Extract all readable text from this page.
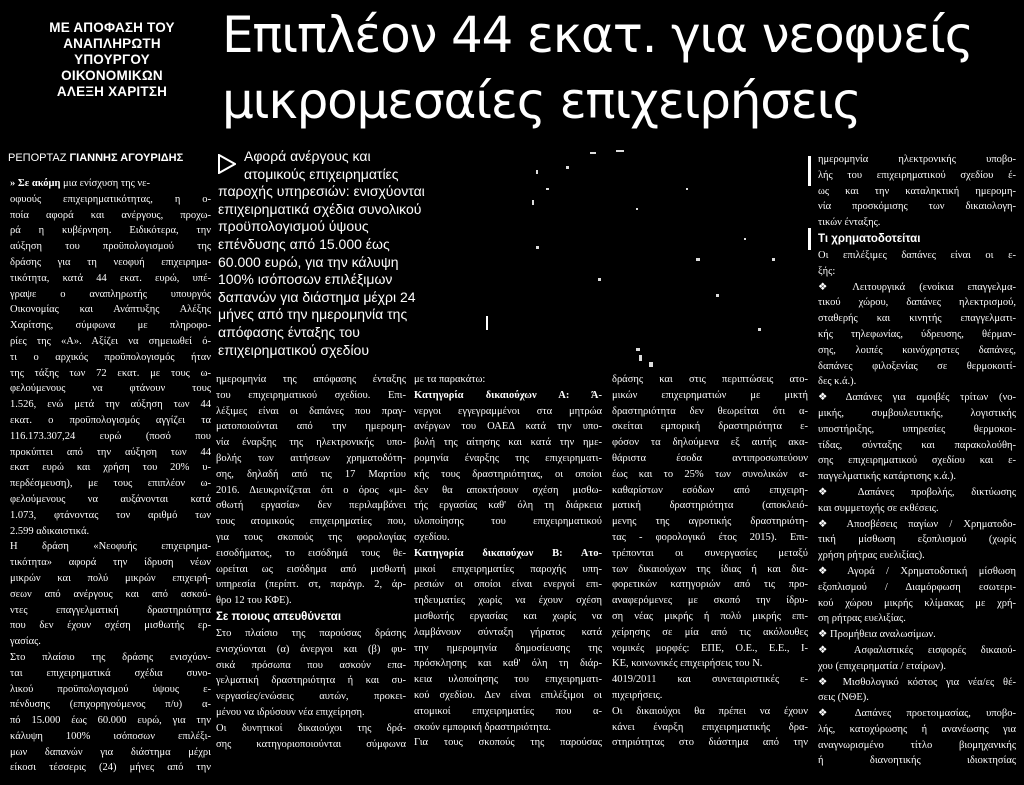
ΜΕ ΑΠΟΦΑΣΗ ΤΟΥ
ΑΝΑΠΛΗΡΩΤΗ
ΥΠΟΥΡΓΟΥ
ΟΙΚΟΝΟΜΙΚΩΝ
ΑΛΕΞΗ ΧΑΡΙΤΣΗ
Επιπλέον 44 εκατ. για νεοφυείς
μικρομεσαίες επιχειρήσεις
ΡΕΠΟΡΤΑΖ ΓΙΑΝΝΗΣ ΑΓΟΥΡΙΔΗΣ
» Σε ακόμη μια ενίσχυση της νε-
οφυούς επιχειρηματικότητας, η ο-
ποία αφορά και ανέργους, προχω-
ρά η κυβέρνηση. Ειδικότερα, την
αύξηση του προϋπολογισμού της
δράσης για τη νεοφυή επιχειρημα-
τικότητα, κατά 44 εκατ. ευρώ, υπέ-
γραψε ο αναπληρωτής υπουργός
Οικονομίας και Ανάπτυξης Αλέξης
Χαρίτσης, σύμφωνα με πληροφο-
ρίες της «Α». Αξίζει να σημειωθεί ό-
τι ο αρχικός προϋπολογισμός ήταν
της τάξης των 72 εκατ. με τους ω-
φελούμενους να φτάνουν τους
1.526, ενώ μετά την αύξηση των 44
εκατ. ο προϋπολογισμός αγγίζει τα
116.173.307,24 ευρώ (ποσό που
προκύπτει από την αύξηση των 44
εκατ ευρώ και χρήση του 20% υ-
περδέσμευση), με τους επιπλέον ω-
φελούμενους να αυξάνονται κατά
1.073, φτάνοντας τον αριθμό των
2.599 αδικαιστικά.
Η δράση «Νεοφυής επιχειρημα-
τικότητα» αφορά την ίδρυση νέων
μικρών και πολύ μικρών επιχειρή-
σεων από ανέργους και από ασκού-
ντες επαγγελματική δραστηριότητα
που δεν έχουν σχέση μισθωτής ερ-
γασίας.
Στο πλαίσιο της δράσης ενισχύον-
ται επιχειρηματικά σχέδια συνο-
λικού προϋπολογισμού ύψους ε-
πένδυσης (επιχορηγούμενος π/υ) α-
πό 15.000 έως 60.000 ευρώ, για την
κάλυψη 100% ισόποσων επιλέξι-
μων δαπανών για διάστημα μέχρι
είκοσι τέσσερις (24) μήνες από την
Αφορά ανέργους και
ατομικούς επιχειρηματίες
παροχής υπηρεσιών: ενισχύονται
επιχειρηματικά σχέδια συνολικού
προϋπολογισμού ύψους
επένδυσης από 15.000 έως
60.000 ευρώ, για την κάλυψη
100% ισόποσων επιλέξιμων
δαπανών για διάστημα μέχρι 24
μήνες από την ημερομηνία της
απόφασης ένταξης του
επιχειρηματικού σχεδίου
ημερομηνία της απόφασης ένταξης
του επιχειρηματικού σχεδίου. Επι-
λέξιμες είναι οι δαπάνες που πραγ-
ματοποιούνται από την ημερομη-
νία έναρξης της ηλεκτρονικής υπο-
βολής των αιτήσεων χρηματοδότη-
σης, δηλαδή από τις 17 Μαρτίου
2016. Διευκρινίζεται ότι ο όρος «μι-
σθωτή εργασία» δεν περιλαμβάνει
τους ατομικούς επιχειρηματίες που,
για τους σκοπούς της φορολογίας
εισοδήματος, το εισόδημά τους θε-
ωρείται ως εισόδημα από μισθωτή
υπηρεσία (περίπτ. στ, παράγρ. 2, άρ-
θρο 12 του ΚΦΕ).
Σε ποιους απευθύνεται
Στο πλαίσιο της παρούσας δράσης
ενισχύονται (α) άνεργοι και (β) φυ-
σικά πρόσωπα που ασκούν επα-
γελματική δραστηριότητα ή και συ-
νεργασίες/ενώσεις αυτών, προκει-
μένου να ιδρύσουν νέα επιχείρηση.
Οι δυνητικοί δικαιούχοι της δρά-
σης κατηγοριοποιούνται σύμφωνα
με τα παρακάτω:
Κατηγορία δικαιούχων Α: Ά-
νεργοι εγγεγραμμένοι στα μητρώα
ανέργων του ΟΑΕΔ κατά την υπο-
βολή της αίτησης και κατά την ημε-
ρομηνία έναρξης της επιχειρηματι-
κής τους δραστηριότητας, οι οποίοι
δεν θα αποκτήσουν σχέση μισθω-
τής εργασίας καθ' όλη τη διάρκεια
υλοποίησης του επιχειρηματικού
σχεδίου.
Κατηγορία δικαιούχων Β: Ατο-
μικοί επιχειρηματίες παροχής υπη-
ρεσιών οι οποίοι είναι ενεργοί επι-
τηδευματίες χωρίς να έχουν σχέση
μισθωτής εργασίας και χωρίς να
λαμβάνουν σύνταξη γήρατος κατά
την ημερομηνία δημοσίευσης της
πρόσκλησης και καθ' όλη τη διάρ-
κεια υλοποίησης του επιχειρηματι-
κού σχεδίου. Δεν είναι επιλέξιμοι οι
ατομικοί επιχειρηματίες που α-
σκούν εμπορική δραστηριότητα.
Για τους σκοπούς της παρούσας
δράσης και στις περιπτώσεις ατο-
μικών επιχειρηματιών με μικτή
δραστηριότητα δεν θεωρείται ότι α-
σκείται εμπορική δραστηριότητα ε-
φόσον τα δηλούμενα εξ αυτής ακα-
θάριστα έσοδα αντιπροσωπεύουν
έως και το 25% των συνολικών α-
καθαρίστων εσόδων από επιχειρη-
ματική δραστηριότητα (αποκλειό-
μενης της αγροτικής δραστηριότη-
τας - φορολογικό έτος 2015). Επι-
τρέπονται οι συνεργασίες μεταξύ
των δικαιούχων της ίδιας ή και δια-
φορετικών κατηγοριών από τις προ-
αναφερόμενες με σκοπό την ίδρυ-
ση νέας μικρής ή πολύ μικρής επι-
χείρησης σε μία από τις ακόλουθες
νομικές μορφές: ΕΠΕ, Ο.Ε., Ε.Ε., Ι-
ΚΕ, κοινωνικές επιχειρήσεις του Ν.
4019/2011 και συνεταιριστικές ε-
πιχειρήσεις.
Οι δικαιούχοι θα πρέπει να έχουν
κάνει έναρξη επιχειρηματικής δρα-
στηριότητας στο διάστημα από την
ημερομηνία ηλεκτρονικής υποβο-
λής του επιχειρηματικού σχεδίου έ-
ως και την καταληκτική ημερομη-
νία προσκόμισης των δικαιολογη-
τικών ένταξης.
Τι χρηματοδοτείται
Οι επιλέξιμες δαπάνες είναι οι ε-
ξής:
❖ Λειτουργικά (ενοίκια επαγγελμα-
τικού χώρου, δαπάνες ηλεκτρισμού,
σταθερής και κινητής επαγγελματι-
κής τηλεφωνίας, ύδρευσης, θέρμαν-
σης, λοιπές κοινόχρηστες δαπάνες,
δαπάνες φιλοξενίας σε θερμοκοιτί-
δες κ.ά.).
❖ Δαπάνες για αμοιβές τρίτων (νο-
μικής, συμβουλευτικής, λογιστικής
υποστήριξης, υπηρεσίες θερμοκοι-
τίδας, σύνταξης και παρακολούθη-
σης επιχειρηματικού σχεδίου και ε-
παγγελματικής κατάρτισης κ.ά.).
❖ Δαπάνες προβολής, δικτύωσης
και συμμετοχής σε εκθέσεις.
❖ Αποσβέσεις παγίων / Χρηματοδο-
τική μίσθωση εξοπλισμού (χωρίς
χρήση ρήτρας ευελιξίας).
❖ Αγορά / Χρηματοδοτική μίσθωση
εξοπλισμού / Διαμόρφωση εσωτερι-
κού χώρου μικρής κλίμακας με χρή-
ση ρήτρας ευελιξίας.
❖ Προμήθεια αναλωσίμων.
❖ Ασφαλιστικές εισφορές δικαιού-
χου (επιχειρηματία / εταίρων).
❖ Μισθολογικό κόστος για νέα/ες θέ-
σεις (ΝΘΕ).
❖ Δαπάνες προετοιμασίας, υποβο-
λής, κατοχύρωσης ή ανανέωσης για
αναγνωρισμένο τίτλο βιομηχανικής
ή διανοητικής ιδιοκτησίας
